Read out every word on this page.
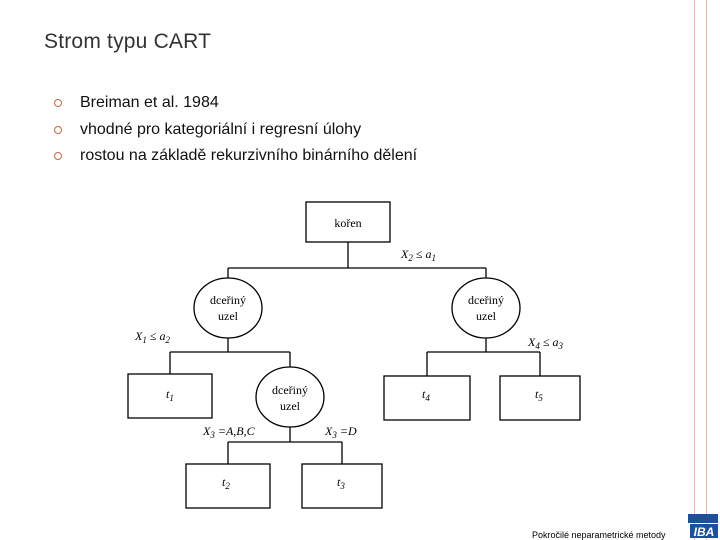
Strom typu CART
Breiman et al. 1984
vhodné pro kategoriální i regresní úlohy
rostou na základě rekurzivního binárního dělení
kořen
dceřiný
uzel
dceřiný
uzel
dceřiný
uzel
$t_1$	$t_4$	$t_5$
$t_2$	$t_3$
$X_2 \le a_1$
$X_1 \le a_2$	$X_4 \le a_3$
$X_3 =A,B,C$	$X_3 =D$
Pokročilé neparametrické metody IBA
